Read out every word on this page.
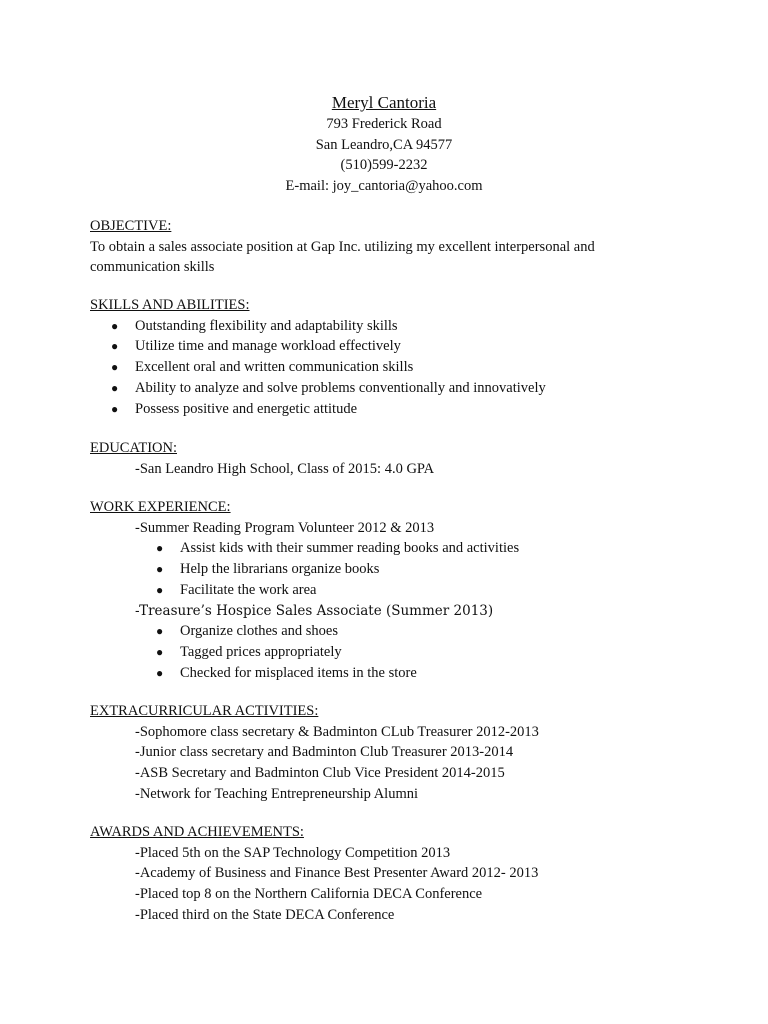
Meryl Cantoria
793 Frederick Road
San Leandro,CA 94577
(510)599-2232
E-mail: joy_cantoria@yahoo.com
OBJECTIVE:
To obtain a sales associate position at Gap Inc. utilizing my excellent interpersonal and
communication skills
SKILLS AND ABILITIES:
● Outstanding flexibility and adaptability skills
● Utilize time and manage workload effectively
● Excellent oral and written communication skills
● Ability to analyze and solve problems conventionally and innovatively
● Possess positive and energetic attitude
EDUCATION:
-San Leandro High School, Class of 2015: 4.0 GPA
WORK EXPERIENCE:
-Summer Reading Program Volunteer 2012 & 2013
● Assist kids with their summer reading books and activities
● Help the librarians organize books
● Facilitate the work area
-Treasure’s Hospice Sales Associate (Summer 2013)
● Organize clothes and shoes
● Tagged prices appropriately
● Checked for misplaced items in the store
EXTRACURRICULAR ACTIVITIES:
-Sophomore class secretary & Badminton CLub Treasurer 2012-2013
-Junior class secretary and Badminton Club Treasurer 2013-2014
-ASB Secretary and Badminton Club Vice President 2014-2015
-Network for Teaching Entrepreneurship Alumni
AWARDS AND ACHIEVEMENTS:
-Placed 5th on the SAP Technology Competition 2013
-Academy of Business and Finance Best Presenter Award 2012- 2013
-Placed top 8 on the Northern California DECA Conference
-Placed third on the State DECA Conference
